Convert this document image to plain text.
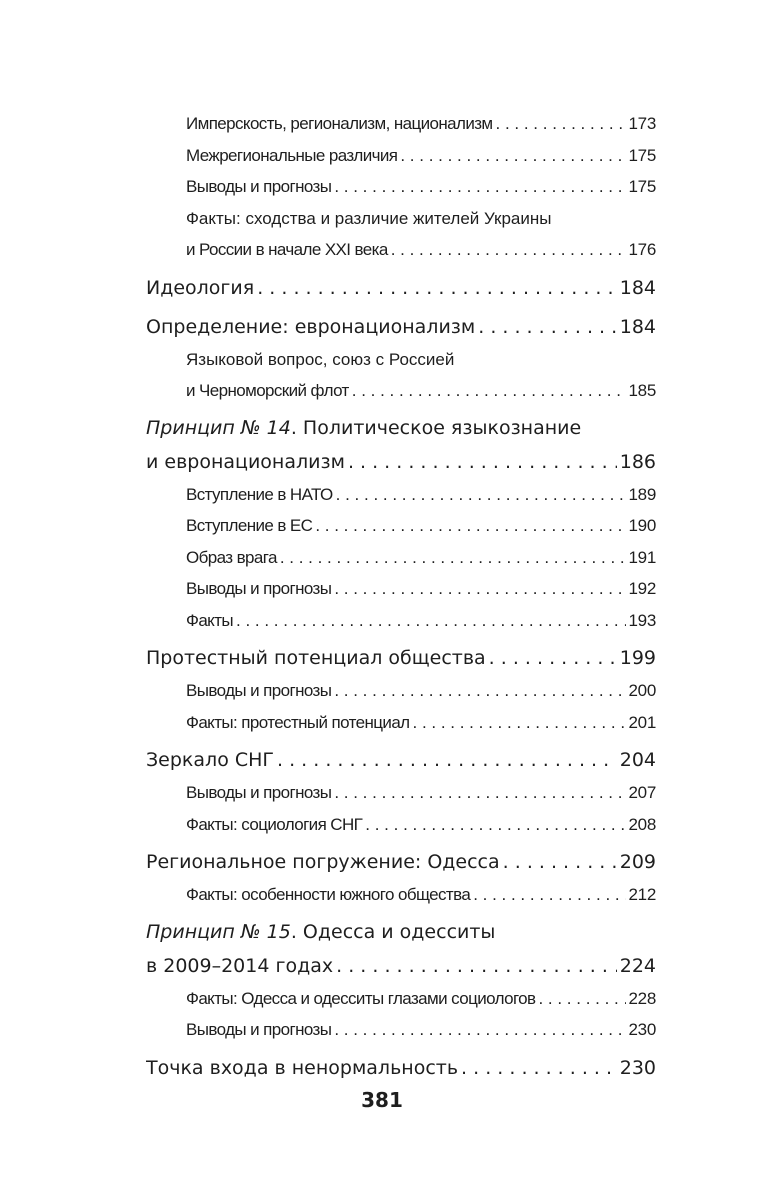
Имперскость, регионализм, национализм . . .	173
Межрегиональные различия . . .	175
Выводы и прогнозы . . .	175
Факты: сходства и различие жителей Украины
и России в начале XXI века . . .	176
Идеология . . .	184
Определение: евронационализм . . .	184
Языковой вопрос, союз с Россией
и Черноморский флот . . .	185
Принцип № 14. Политическое языкознание
и евронационализм . . .	186
Вступление в НАТО . . .	189
Вступление в ЕС . . .	190
Образ врага . . .	191
Выводы и прогнозы . . .	192
Факты . . .	193
Протестный потенциал общества . . .	199
Выводы и прогнозы . . .	200
Факты: протестный потенциал . . .	201
Зеркало СНГ . . .	204
Выводы и прогнозы . . .	207
Факты: социология СНГ . . .	208
Региональное погружение: Одесса . . .	209
Факты: особенности южного общества . . .	212
Принцип № 15. Одесса и одесситы
в 2009–2014 годах . . .	224
Факты: Одесса и одесситы глазами социологов . . .	228
Выводы и прогнозы . . .	230
Точка входа в ненормальность . . .	230
381
